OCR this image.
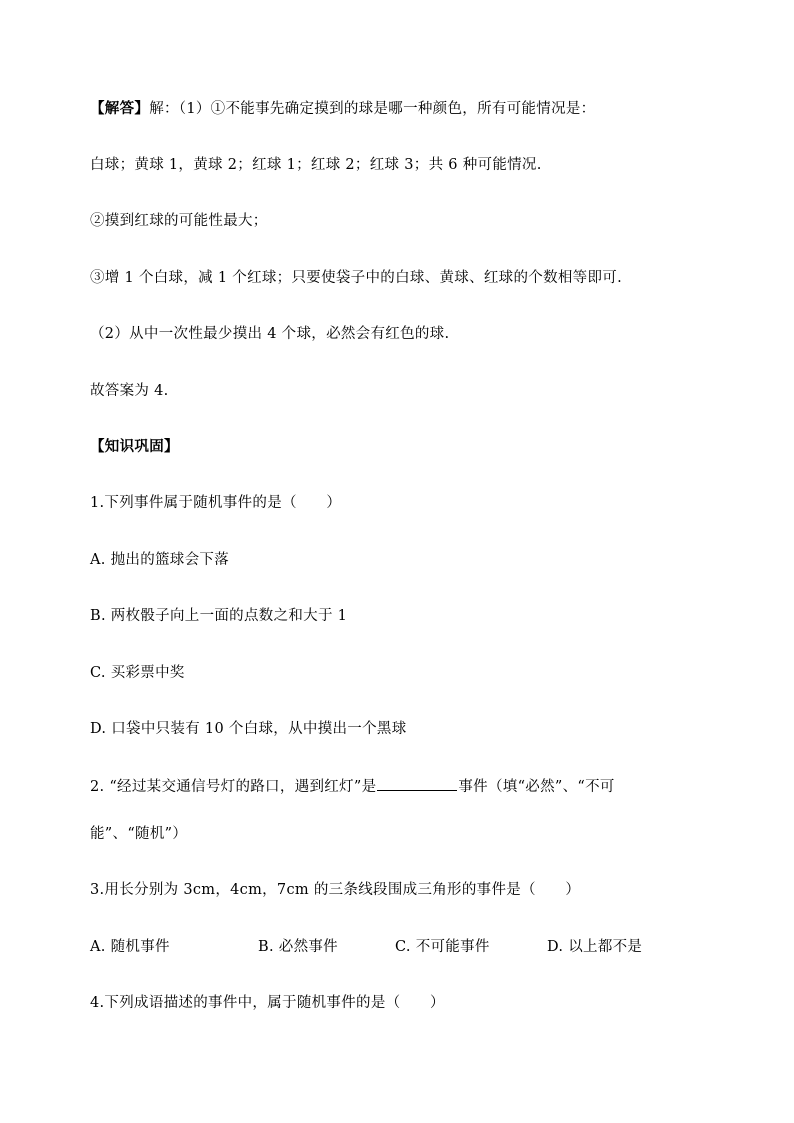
【解答】解：（1）①不能事先确定摸到的球是哪一种颜色，所有可能情况是：
白球；黄球 1，黄球 2；红球 1；红球 2；红球 3；共 6 种可能情况.
②摸到红球的可能性最大；
③增 1 个白球，减 1 个红球；只要使袋子中的白球、黄球、红球的个数相等即可.
（2）从中一次性最少摸出 4 个球，必然会有红色的球.
故答案为 4.
【知识巩固】
1.下列事件属于随机事件的是（　　）
A. 抛出的篮球会下落
B. 两枚骰子向上一面的点数之和大于 1
C. 买彩票中奖
D. 口袋中只装有 10 个白球，从中摸出一个黑球
2. “经过某交通信号灯的路口，遇到红灯”是	事件（填“必然”、“不可
能”、“随机”）
3.用长分别为 3cm，4cm，7cm 的三条线段围成三角形的事件是（　　）
A. 随机事件	B. 必然事件	C. 不可能事件	D. 以上都不是
4.下列成语描述的事件中，属于随机事件的是（　　）
